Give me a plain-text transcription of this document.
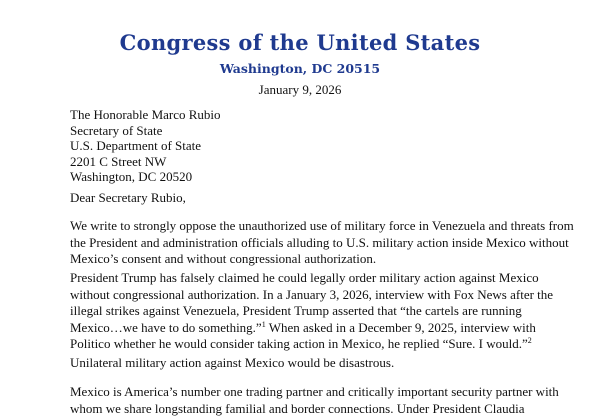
Congress of the United States
Washington, DC 20515
January 9, 2026
The Honorable Marco Rubio
Secretary of State
U.S. Department of State
2201 C Street NW
Washington, DC 20520
Dear Secretary Rubio,
We write to strongly oppose the unauthorized use of military force in Venezuela and threats from
the President and administration officials alluding to U.S. military action inside Mexico without
Mexico’s consent and without congressional authorization.
President Trump has falsely claimed he could legally order military action against Mexico
without congressional authorization. In a January 3, 2026, interview with Fox News after the
illegal strikes against Venezuela, President Trump asserted that “the cartels are running
Mexico…we have to do something.”$^1$ When asked in a December 9, 2025, interview with
Politico whether he would consider taking action in Mexico, he replied “Sure. I would.”$^2$
Unilateral military action against Mexico would be disastrous.
Mexico is America’s number one trading partner and critically important security partner with
whom we share longstanding familial and border connections. Under President Claudia
